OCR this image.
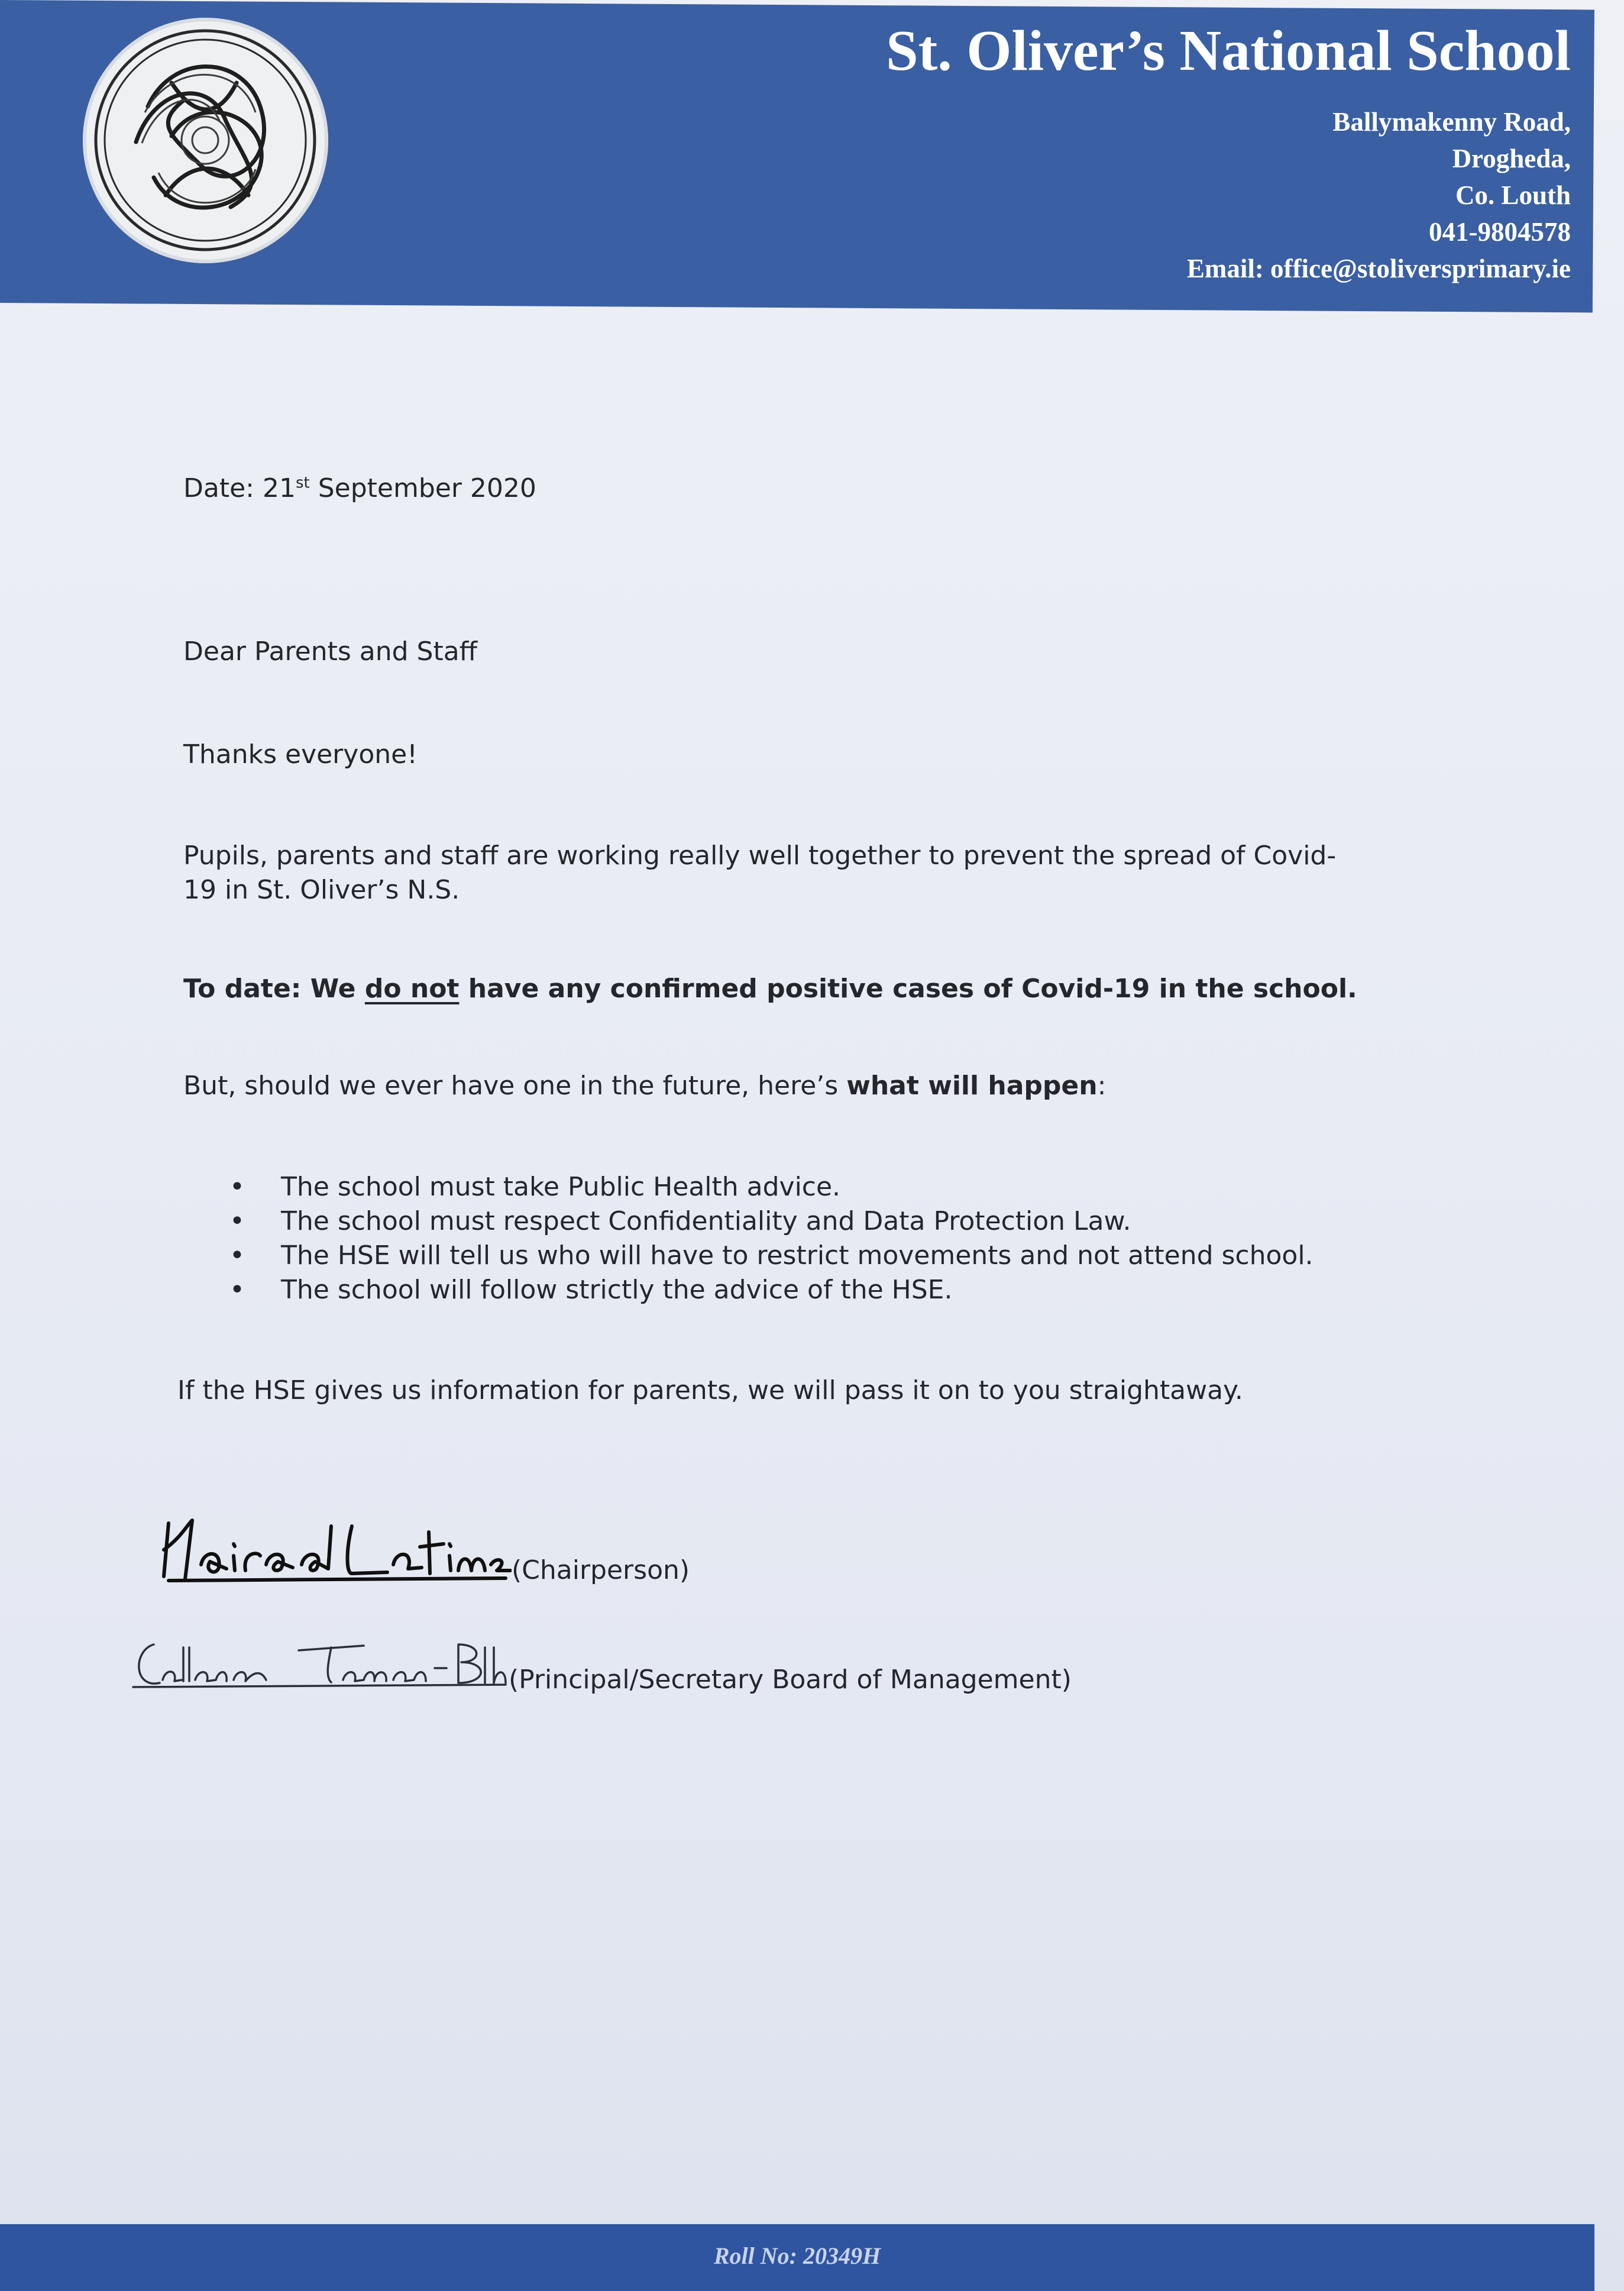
St. Oliver’s National School
Ballymakenny Road,
Drogheda,
Co. Louth
041-9804578
Email: office@stoliversprimary.ie
Date: 21st September 2020
Dear Parents and Staff
Thanks everyone!
Pupils, parents and staff are working really well together to prevent the spread of Covid-
19 in St. Oliver’s N.S.
To date: We do not have any confirmed positive cases of Covid-19 in the school.
But, should we ever have one in the future, here’s what will happen:
• The school must take Public Health advice.
• The school must respect Confidentiality and Data Protection Law.
• The HSE will tell us who will have to restrict movements and not attend school.
• The school will follow strictly the advice of the HSE.
If the HSE gives us information for parents, we will pass it on to you straightaway.
(Chairperson)
(Principal/Secretary Board of Management)
Roll No: 20349H
